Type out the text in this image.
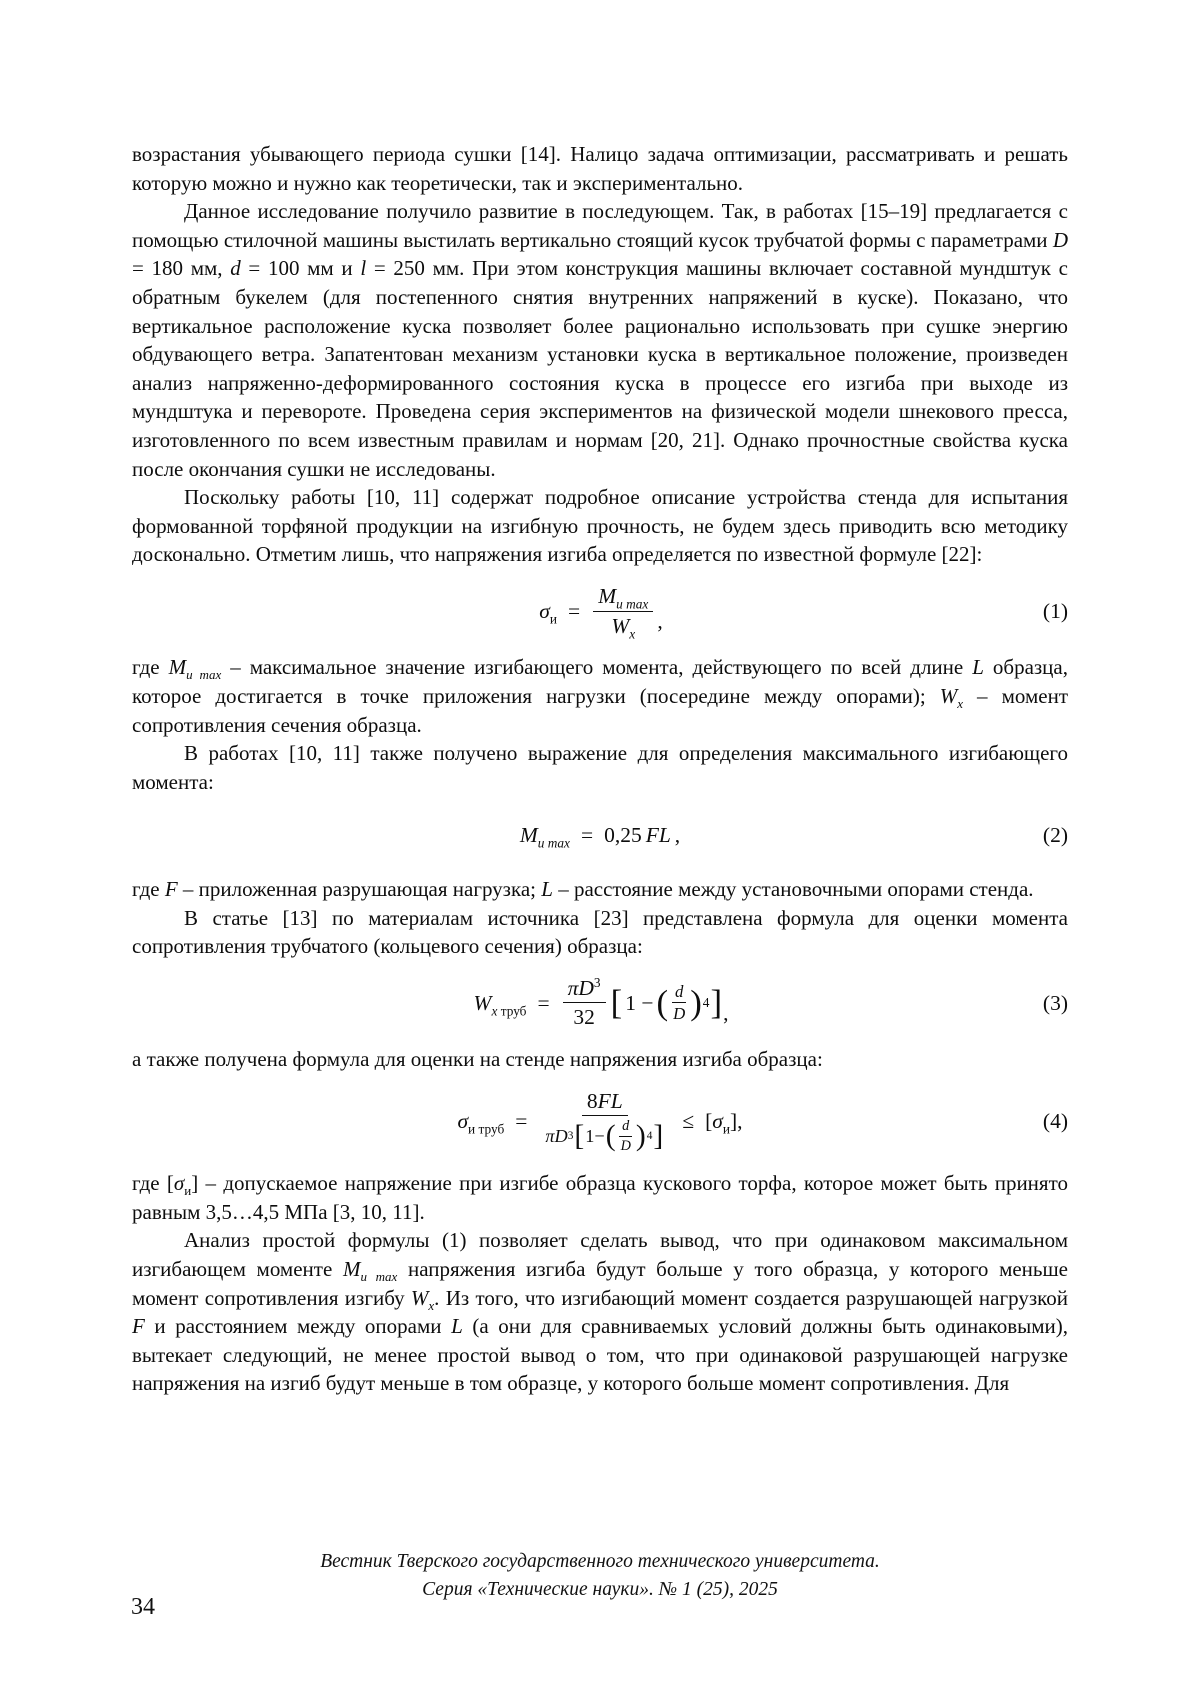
возрастания убывающего периода сушки [14]. Налицо задача оптимизации, рассматривать и решать которую можно и нужно как теоретически, так и экспериментально.

Данное исследование получило развитие в последующем. Так, в работах [15–19] предлагается с помощью стилочной машины выстилать вертикально стоящий кусок трубчатой формы с параметрами D = 180 мм, d = 100 мм и l = 250 мм. При этом конструкция машины включает составной мундштук с обратным букелем (для постепенного снятия внутренних напряжений в куске). Показано, что вертикальное расположение куска позволяет более рационально использовать при сушке энергию обдувающего ветра. Запатентован механизм установки куска в вертикальное положение, произведен анализ напряженно-деформированного состояния куска в процессе его изгиба при выходе из мундштука и перевороте. Проведена серия экспериментов на физической модели шнекового пресса, изготовленного по всем известным правилам и нормам [20, 21]. Однако прочностные свойства куска после окончания сушки не исследованы.

Поскольку работы [10, 11] содержат подробное описание устройства стенда для испытания формованной торфяной продукции на изгибную прочность, не будем здесь приводить всю методику досконально. Отметим лишь, что напряжения изгиба определяется по известной формуле [22]:

$\sigma_и = \frac{M_{и max}}{W_x}$ ,	(1)

где $M_{и max}$ – максимальное значение изгибающего момента, действующего по всей длине L образца, которое достигается в точке приложения нагрузки (посередине между опорами); $W_x$ – момент сопротивления сечения образца.

В работах [10, 11] также получено выражение для определения максимального изгибающего момента:

$M_{и max} = 0,25$ FL ,	(2)

где F – приложенная разрушающая нагрузка; L – расстояние между установочными опорами стенда.

В статье [13] по материалам источника [23] представлена формула для оценки момента сопротивления трубчатого (кольцевого сечения) образца:

$W_{x труб} = \frac{\pi D^3}{32}$ [ 1 − ( $\frac{d}{D}$ ) 4 ] ,	(3)

а также получена формула для оценки на стенде напряжения изгиба образца:

$\sigma_{и труб} = \frac{8FL}{\pi D 3 [ 1- ( \frac{d}{D} ) 4 ]} \le [\sigma_и]$,	(4)

где $[\sigma_и]$ – допускаемое напряжение при изгибе образца кускового торфа, которое может быть принято равным 3,5…4,5 МПа [3, 10, 11].

Анализ простой формулы (1) позволяет сделать вывод, что при одинаковом максимальном изгибающем моменте $M_{и max}$ напряжения изгиба будут больше у того образца, у которого меньше момент сопротивления изгибу $W_x$. Из того, что изгибающий момент создается разрушающей нагрузкой F и расстоянием между опорами L (а они для сравниваемых условий должны быть одинаковыми), вытекает следующий, не менее простой вывод о том, что при одинаковой разрушающей нагрузке напряжения на изгиб будут меньше в том образце, у которого больше момент сопротивления. Для

Вестник Тверского государственного технического университета.
Серия «Технические науки». № 1 (25), 2025
34
